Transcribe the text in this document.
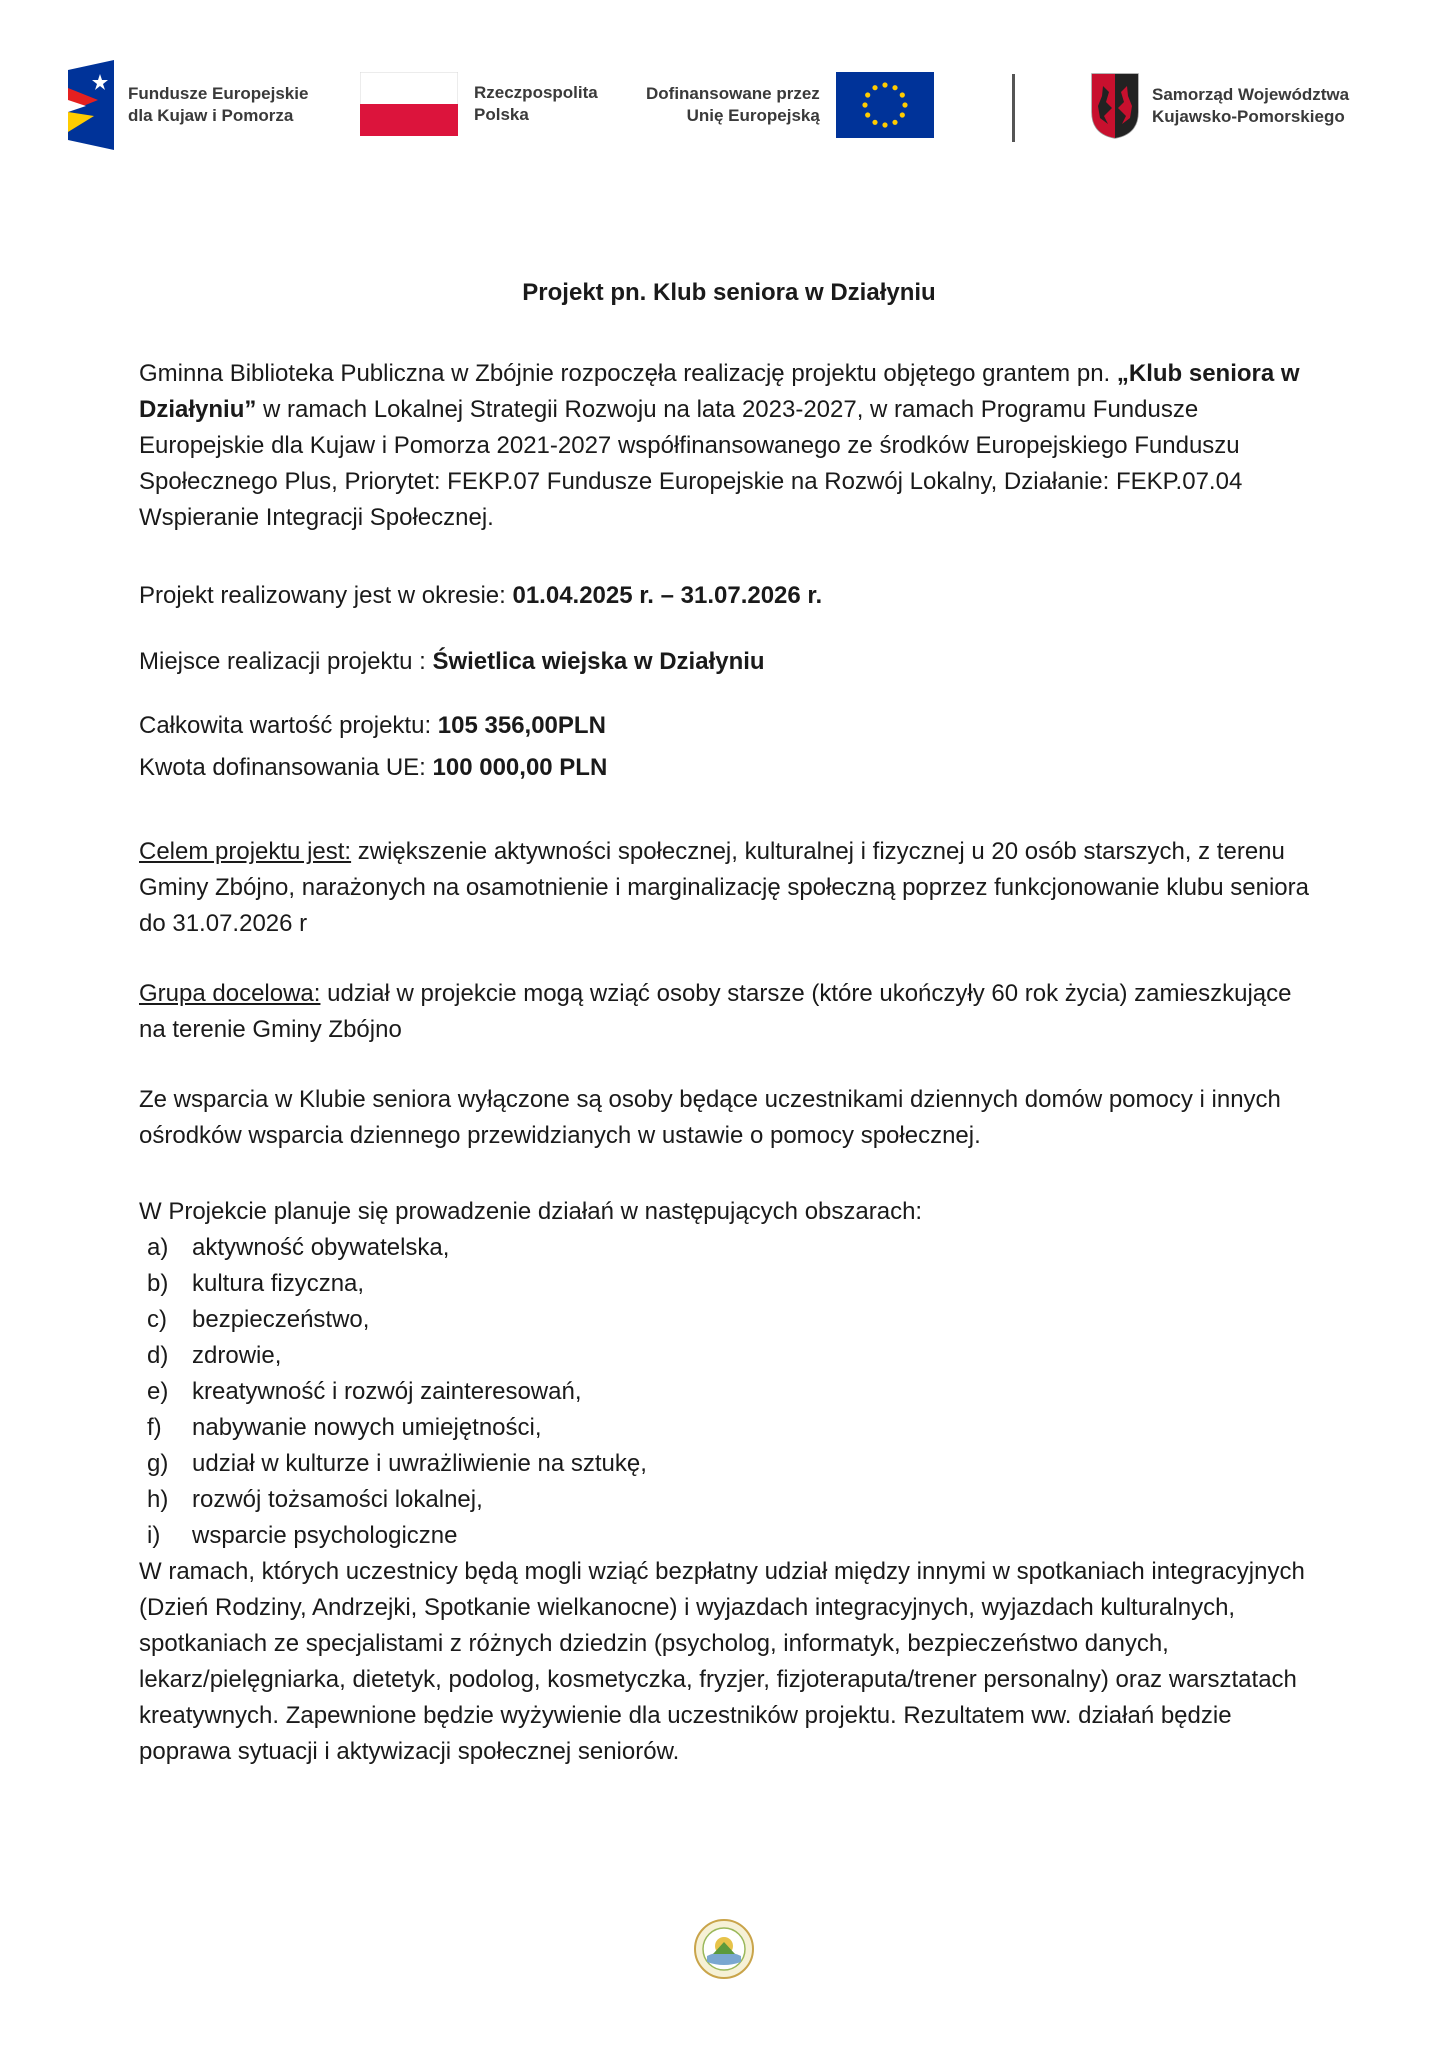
Fundusze Europejskie
dla Kujaw i Pomorza
Rzeczpospolita
Polska
Dofinansowane przez
Unię Europejską
Samorząd Województwa
Kujawsko-Pomorskiego
Projekt pn. Klub seniora w Działyniu

Gminna Biblioteka Publiczna w Zbójnie rozpoczęła realizację projektu objętego grantem pn. „Klub seniora w Działyniu” w ramach Lokalnej Strategii Rozwoju na lata 2023-2027, w ramach Programu Fundusze Europejskie dla Kujaw i Pomorza 2021-2027 współfinansowanego ze środków Europejskiego Funduszu Społecznego Plus, Priorytet: FEKP.07 Fundusze Europejskie na Rozwój Lokalny, Działanie: FEKP.07.04 Wspieranie Integracji Społecznej.

Projekt realizowany jest w okresie: 01.04.2025 r. – 31.07.2026 r.

Miejsce realizacji projektu : Świetlica wiejska w Działyniu

Całkowita wartość projektu: 105 356,00PLN

Kwota dofinansowania UE: 100 000,00 PLN

Celem projektu jest: zwiększenie aktywności społecznej, kulturalnej i fizycznej u 20 osób starszych, z terenu Gminy Zbójno, narażonych na osamotnienie i marginalizację społeczną poprzez funkcjonowanie klubu seniora do 31.07.2026 r

Grupa docelowa: udział w projekcie mogą wziąć osoby starsze (które ukończyły 60 rok życia) zamieszkujące na terenie Gminy Zbójno

Ze wsparcia w Klubie seniora wyłączone są osoby będące uczestnikami dziennych domów pomocy i innych ośrodków wsparcia dziennego przewidzianych w ustawie o pomocy społecznej.

W Projekcie planuje się prowadzenie działań w następujących obszarach:

a) aktywność obywatelska,
b) kultura fizyczna,
c)	bezpieczeństwo,
d) zdrowie,
e) kreatywność i rozwój zainteresowań,
f)	nabywanie nowych umiejętności,
g) udział w kulturze i uwrażliwienie na sztukę,
h) rozwój tożsamości lokalnej,
i)	wsparcie psychologiczne

W ramach, których uczestnicy będą mogli wziąć bezpłatny udział między innymi w spotkaniach integracyjnych (Dzień Rodziny, Andrzejki, Spotkanie wielkanocne) i wyjazdach integracyjnych, wyjazdach kulturalnych, spotkaniach ze specjalistami z różnych dziedzin (psycholog, informatyk, bezpieczeństwo danych, lekarz/pielęgniarka, dietetyk, podolog, kosmetyczka, fryzjer, fizjoteraputa/trener personalny) oraz warsztatach kreatywnych. Zapewnione będzie wyżywienie dla uczestników projektu. Rezultatem ww. działań będzie poprawa sytuacji i aktywizacji społecznej seniorów.
